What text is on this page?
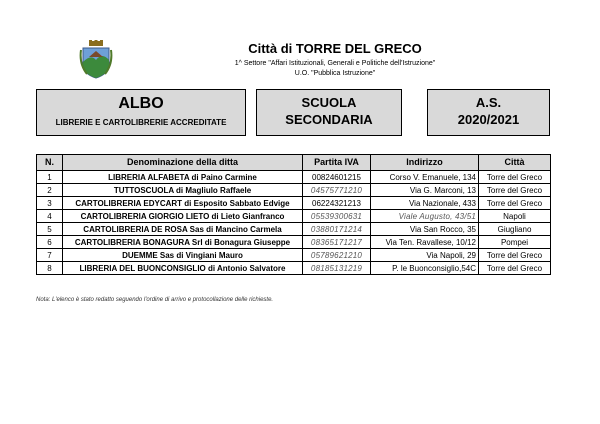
Città di TORRE DEL GRECO
1^ Settore "Affari Istituzionali, Generali e Politiche dell'Istruzione"
U.O. "Pubblica Istruzione"
ALBO
LIBRERIE E CARTOLIBRERIE ACCREDITATE
SCUOLA
SECONDARIA
A.S.
2020/2021
N.	Denominazione della ditta	Partita IVA	Indirizzo	Città
1	LIBRERIA ALFABETA di Paino Carmine	00824601215	Corso V. Emanuele, 134	Torre del Greco
2	TUTTOSCUOLA di Magliulo Raffaele	04575771210	Via G. Marconi, 13	Torre del Greco
3	CARTOLIBRERIA EDYCART di Esposito Sabbato Edvige	06224321213	Via Nazionale, 433	Torre del Greco
4	CARTOLIBRERIA GIORGIO LIETO di Lieto Gianfranco	05539300631	Viale Augusto, 43/51	Napoli
5	CARTOLIBRERIA DE ROSA Sas di Mancino Carmela	03880171214	Via San Rocco, 35	Giugliano
6	CARTOLIBRERIA BONAGURA Srl di Bonagura Giuseppe	08365171217	Via Ten. Ravallese, 10/12	Pompei
7	DUEMME Sas di Vingiani Mauro	05789621210	Via Napoli, 29	Torre del Greco
8	LIBRERIA DEL BUONCONSIGLIO di Antonio Salvatore	08185131219	P. le Buonconsiglio,54C	Torre del Greco
Nota: L'elenco è stato redatto seguendo l'ordine di arrivo e protocollazione delle richieste.
